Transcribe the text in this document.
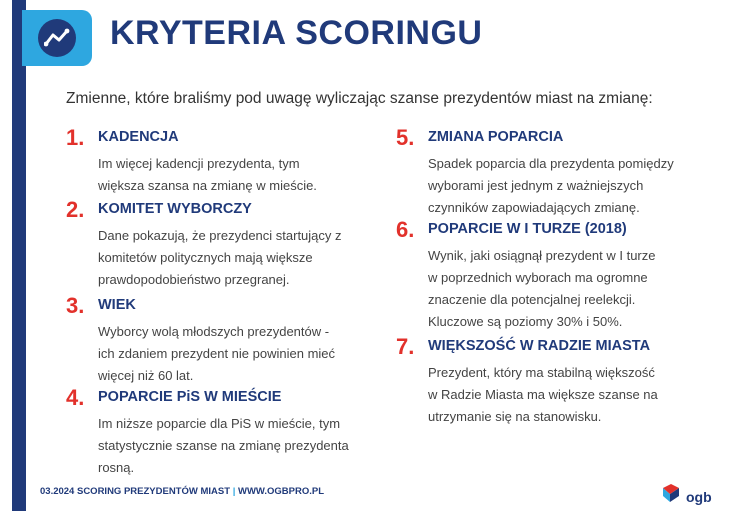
KRYTERIA SCORINGU
Zmienne, które braliśmy pod uwagę wyliczając szanse prezydentów miast na zmianę:
1. KADENCJA
Im więcej kadencji prezydenta, tym
większa szansa na zmianę w mieście.
2. KOMITET WYBORCZY
Dane pokazują, że prezydenci startujący z
komitetów politycznych mają większe
prawdopodobieństwo przegranej.
3. WIEK
Wyborcy wolą młodszych prezydentów -
ich zdaniem prezydent nie powinien mieć
więcej niż 60 lat.
4. POPARCIE PiS W MIEŚCIE
Im niższe poparcie dla PiS w mieście, tym
statystycznie szanse na zmianę prezydenta
rosną.
5. ZMIANA POPARCIA
Spadek poparcia dla prezydenta pomiędzy
wyborami jest jednym z ważniejszych
czynników zapowiadających zmianę.
6. POPARCIE W I TURZE (2018)
Wynik, jaki osiągnął prezydent w I turze
w poprzednich wyborach ma ogromne
znaczenie dla potencjalnej reelekcji.
Kluczowe są poziomy 30% i 50%.
7. WIĘKSZOŚĆ W RADZIE MIASTA
Prezydent, który ma stabilną większość
w Radzie Miasta ma większe szanse na
utrzymanie się na stanowisku.
03.2024 SCORING PREZYDENTÓW MIAST | WWW.OGBPRO.PL	ogb
